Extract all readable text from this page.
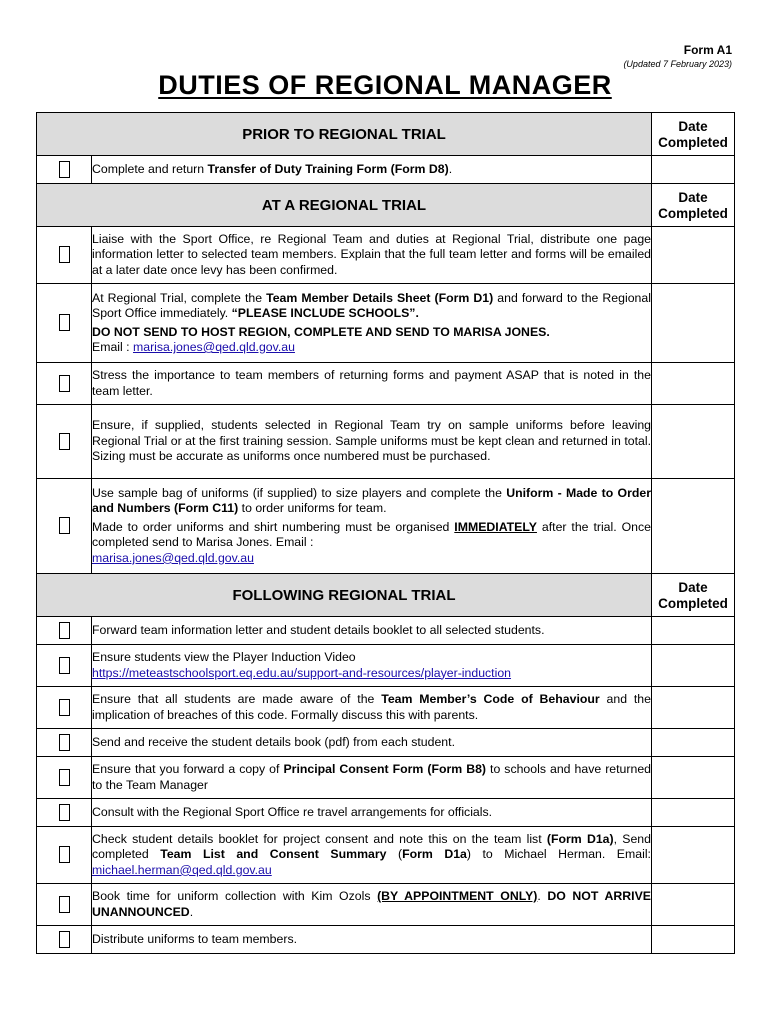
Form A1
(Updated 7 February 2023)
DUTIES OF REGIONAL MANAGER
PRIOR TO REGIONAL TRIAL		Date Completed
	Complete and return Transfer of Duty Training Form (Form D8).	
AT A REGIONAL TRIAL		Date Completed
	Liaise with the Sport Office, re Regional Team and duties at Regional Trial, distribute one page information letter to selected team members. Explain that the full team letter and forms will be emailed at a later date once levy has been confirmed.	

	At Regional Trial, complete the Team Member Details Sheet (Form D1) and forward to the Regional Sport Office immediately. “PLEASE INCLUDE SCHOOLS”.
DO NOT SEND TO HOST REGION, COMPLETE AND SEND TO MARISA JONES.
Email : marisa.jones@qed.qld.gov.au	

	Stress the importance to team members of returning forms and payment ASAP that is noted in the team letter.	
	Ensure, if supplied, students selected in Regional Team try on sample uniforms before leaving Regional Trial or at the first training session. Sample uniforms must be kept clean and returned in total. Sizing must be accurate as uniforms once numbered must be purchased.	

	Use sample bag of uniforms (if supplied) to size players and complete the Uniform - Made to Order and Numbers (Form C11) to order uniforms for team.
Made to order uniforms and shirt numbering must be organised IMMEDIATELY after the trial. Once completed send to Marisa Jones. Email :
marisa.jones@qed.qld.gov.au	

FOLLOWING REGIONAL TRIAL		Date Completed
	Forward team information letter and student details booklet to all selected students.	
	Ensure students view the Player Induction Video
https://meteastschoolsport.eq.edu.au/support-and-resources/player-induction	
	Ensure that all students are made aware of the Team Member’s Code of Behaviour and the implication of breaches of this code. Formally discuss this with parents.	
	Send and receive the student details book (pdf) from each student.	
	Ensure that you forward a copy of Principal Consent Form (Form B8) to schools and have returned to the Team Manager	
	Consult with the Regional Sport Office re travel arrangements for officials.	
	Check student details booklet for project consent and note this on the team list (Form D1a), Send completed Team List and Consent Summary (Form D1a) to Michael Herman. Email: michael.herman@qed.qld.gov.au	
	Book time for uniform collection with Kim Ozols (BY APPOINTMENT ONLY). DO NOT ARRIVE UNANNOUNCED.	
	Distribute uniforms to team members.	
